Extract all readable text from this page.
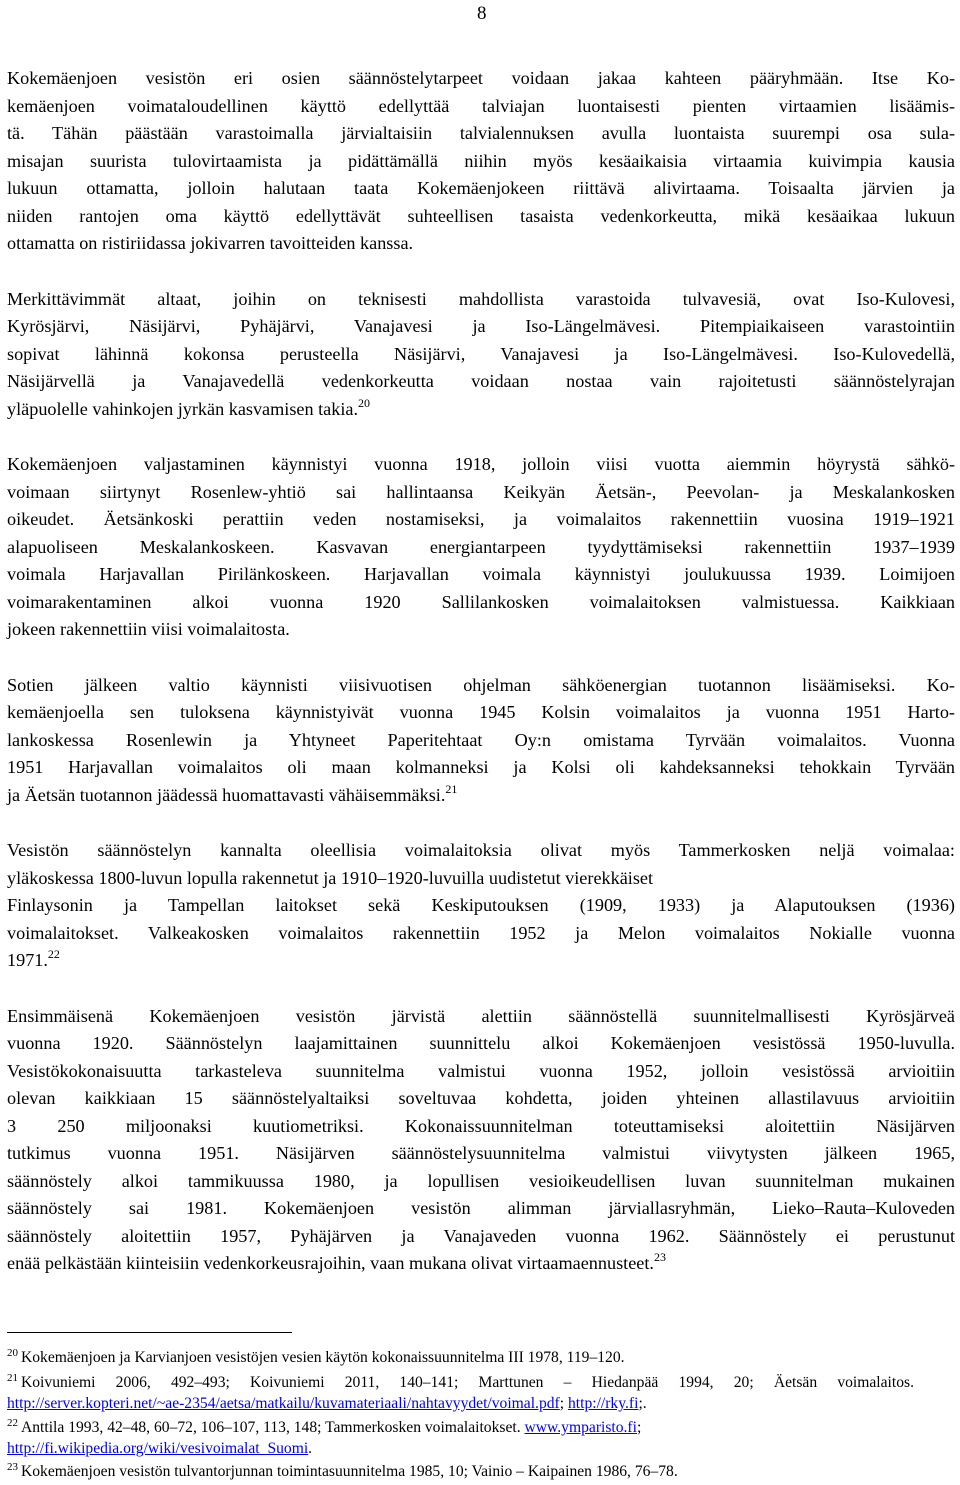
8
Kokemäenjoen vesistön eri osien säännöstelytarpeet voidaan jakaa kahteen pääryhmään. Itse Ko-
kemäenjoen voimataloudellinen käyttö edellyttää talviajan luontaisesti pienten virtaamien lisäämis-
tä. Tähän päästään varastoimalla järvialtaisiin talvialennuksen avulla luontaista suurempi osa sula-
misajan suurista tulovirtaamista ja pidättämällä niihin myös kesäaikaisia virtaamia kuivimpia kausia
lukuun ottamatta, jolloin halutaan taata Kokemäenjokeen riittävä alivirtaama. Toisaalta järvien ja
niiden rantojen oma käyttö edellyttävät suhteellisen tasaista vedenkorkeutta, mikä kesäaikaa lukuun
ottamatta on ristiriidassa jokivarren tavoitteiden kanssa.
Merkittävimmät altaat, joihin on teknisesti mahdollista varastoida tulvavesiä, ovat Iso-Kulovesi,
Kyrösjärvi, Näsijärvi, Pyhäjärvi, Vanajavesi ja Iso-Längelmävesi. Pitempiaikaiseen varastointiin
sopivat lähinnä kokonsa perusteella Näsijärvi, Vanajavesi ja Iso-Längelmävesi. Iso-Kulovedellä,
Näsijärvellä ja Vanajavedellä vedenkorkeutta voidaan nostaa vain rajoitetusti säännöstelyrajan
yläpuolelle vahinkojen jyrkän kasvamisen takia.$^{20}$
Kokemäenjoen valjastaminen käynnistyi vuonna 1918, jolloin viisi vuotta aiemmin höyrystä sähkö-
voimaan siirtynyt Rosenlew-yhtiö sai hallintaansa Keikyän Äetsän-, Peevolan- ja Meskalankosken
oikeudet. Äetsänkoski perattiin veden nostamiseksi, ja voimalaitos rakennettiin vuosina 1919–1921
alapuoliseen Meskalankoskeen. Kasvavan energiantarpeen tyydyttämiseksi rakennettiin 1937–1939
voimala Harjavallan Pirilänkoskeen. Harjavallan voimala käynnistyi joulukuussa 1939. Loimijoen
voimarakentaminen alkoi vuonna 1920 Sallilankosken voimalaitoksen valmistuessa. Kaikkiaan
jokeen rakennettiin viisi voimalaitosta.
Sotien jälkeen valtio käynnisti viisivuotisen ohjelman sähköenergian tuotannon lisäämiseksi. Ko-
kemäenjoella sen tuloksena käynnistyivät vuonna 1945 Kolsin voimalaitos ja vuonna 1951 Harto-
lankoskessa Rosenlewin ja Yhtyneet Paperitehtaat Oy:n omistama Tyrvään voimalaitos. Vuonna
1951 Harjavallan voimalaitos oli maan kolmanneksi ja Kolsi oli kahdeksanneksi tehokkain Tyrvään
ja Äetsän tuotannon jäädessä huomattavasti vähäisemmäksi.$^{21}$
Vesistön säännöstelyn kannalta oleellisia voimalaitoksia olivat myös Tammerkosken neljä voimalaa:
yläkoskessa 1800-luvun lopulla rakennetut ja 1910–1920-luvuilla uudistetut vierekkäiset
Finlaysonin ja Tampellan laitokset sekä Keskiputouksen (1909, 1933) ja Alaputouksen (1936)
voimalaitokset. Valkeakosken voimalaitos rakennettiin 1952 ja Melon voimalaitos Nokialle vuonna
1971.22
Ensimmäisenä Kokemäenjoen vesistön järvistä alettiin säännöstellä suunnitelmallisesti Kyrösjärveä
vuonna 1920. Säännöstelyn laajamittainen suunnittelu alkoi Kokemäenjoen vesistössä 1950-luvulla.
Vesistökokonaisuutta tarkasteleva suunnitelma valmistui vuonna 1952, jolloin vesistössä arvioitiin
olevan kaikkiaan 15 säännöstelyaltaiksi soveltuvaa kohdetta, joiden yhteinen allastilavuus arvioitiin
3 250 miljoonaksi kuutiometriksi. Kokonaissuunnitelman toteuttamiseksi aloitettiin Näsijärven
tutkimus vuonna 1951. Näsijärven säännöstelysuunnitelma valmistui viivytysten jälkeen 1965,
säännöstely alkoi tammikuussa 1980, ja lopullisen vesioikeudellisen luvan suunnitelman mukainen
säännöstely sai 1981. Kokemäenjoen vesistön alimman järviallasryhmän, Lieko–Rauta–Kuloveden
säännöstely aloitettiin 1957, Pyhäjärven ja Vanajaveden vuonna 1962. Säännöstely ei perustunut
enää pelkästään kiinteisiin vedenkorkeusrajoihin, vaan mukana olivat virtaamaennusteet.$^{23}$
$^{20}$ Kokemäenjoen ja Karvianjoen vesistöjen vesien käytön kokonaissuunnitelma III 1978, 119–120.
$^{21}$ Koivuniemi 2006, 492–493; Koivuniemi 2011, 140–141; Marttunen – Hiedanpää 1994, 20; Äetsän voimalaitos.
http://server.kopteri.net/~ae-2354/aetsa/matkailu/kuvamateriaali/nahtavyydet/voimal.pdf; http://rky.fi;.
$^{22}$ Anttila 1993, 42–48, 60–72, 106–107, 113, 148; Tammerkosken voimalaitokset. www.ymparisto.fi;
http://fi.wikipedia.org/wiki/vesivoimalat_Suomi.
$^{23}$ Kokemäenjoen vesistön tulvantorjunnan toimintasuunnitelma 1985, 10; Vainio – Kaipainen 1986, 76–78.
